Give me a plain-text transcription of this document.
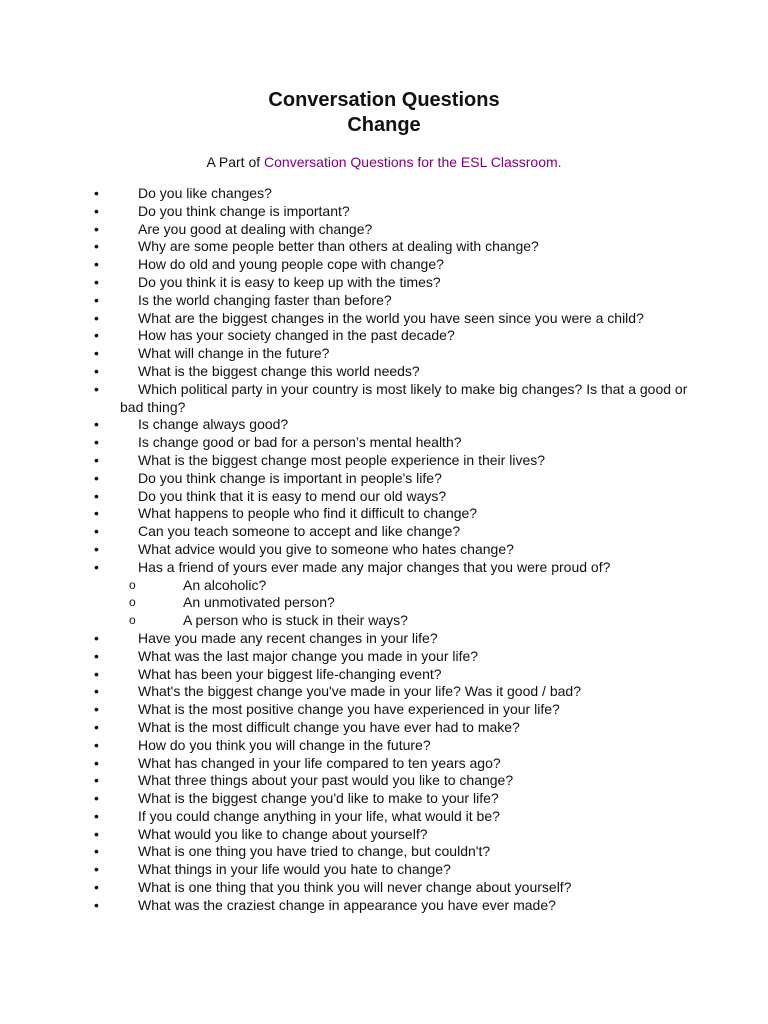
Conversation Questions
Change
A Part of Conversation Questions for the ESL Classroom.
•	Do you like changes?
•	Do you think change is important?
•	Are you good at dealing with change?
•	Why are some people better than others at dealing with change?
•	How do old and young people cope with change?
•	Do you think it is easy to keep up with the times?
•	Is the world changing faster than before?
•	What are the biggest changes in the world you have seen since you were a child?
•	How has your society changed in the past decade?
•	What will change in the future?
•	What is the biggest change this world needs?
•	Which political party in your country is most likely to make big changes? Is that a good or bad thing?
•	Is change always good?
•	Is change good or bad for a person’s mental health?
•	What is the biggest change most people experience in their lives?
•	Do you think change is important in people's life?
•	Do you think that it is easy to mend our old ways?
•	What happens to people who find it difficult to change?
•	Can you teach someone to accept and like change?
•	What advice would you give to someone who hates change?
•	Has a friend of yours ever made any major changes that you were proud of?
o	An alcoholic?
o	An unmotivated person?
o	A person who is stuck in their ways?
•	Have you made any recent changes in your life?
•	What was the last major change you made in your life?
•	What has been your biggest life-changing event?
•	What's the biggest change you've made in your life? Was it good / bad?
•	What is the most positive change you have experienced in your life?
•	What is the most difficult change you have ever had to make?
•	How do you think you will change in the future?
•	What has changed in your life compared to ten years ago?
•	What three things about your past would you like to change?
•	What is the biggest change you'd like to make to your life?
•	If you could change anything in your life, what would it be?
•	What would you like to change about yourself?
•	What is one thing you have tried to change, but couldn't?
•	What things in your life would you hate to change?
•	What is one thing that you think you will never change about yourself?
•	What was the craziest change in appearance you have ever made?
